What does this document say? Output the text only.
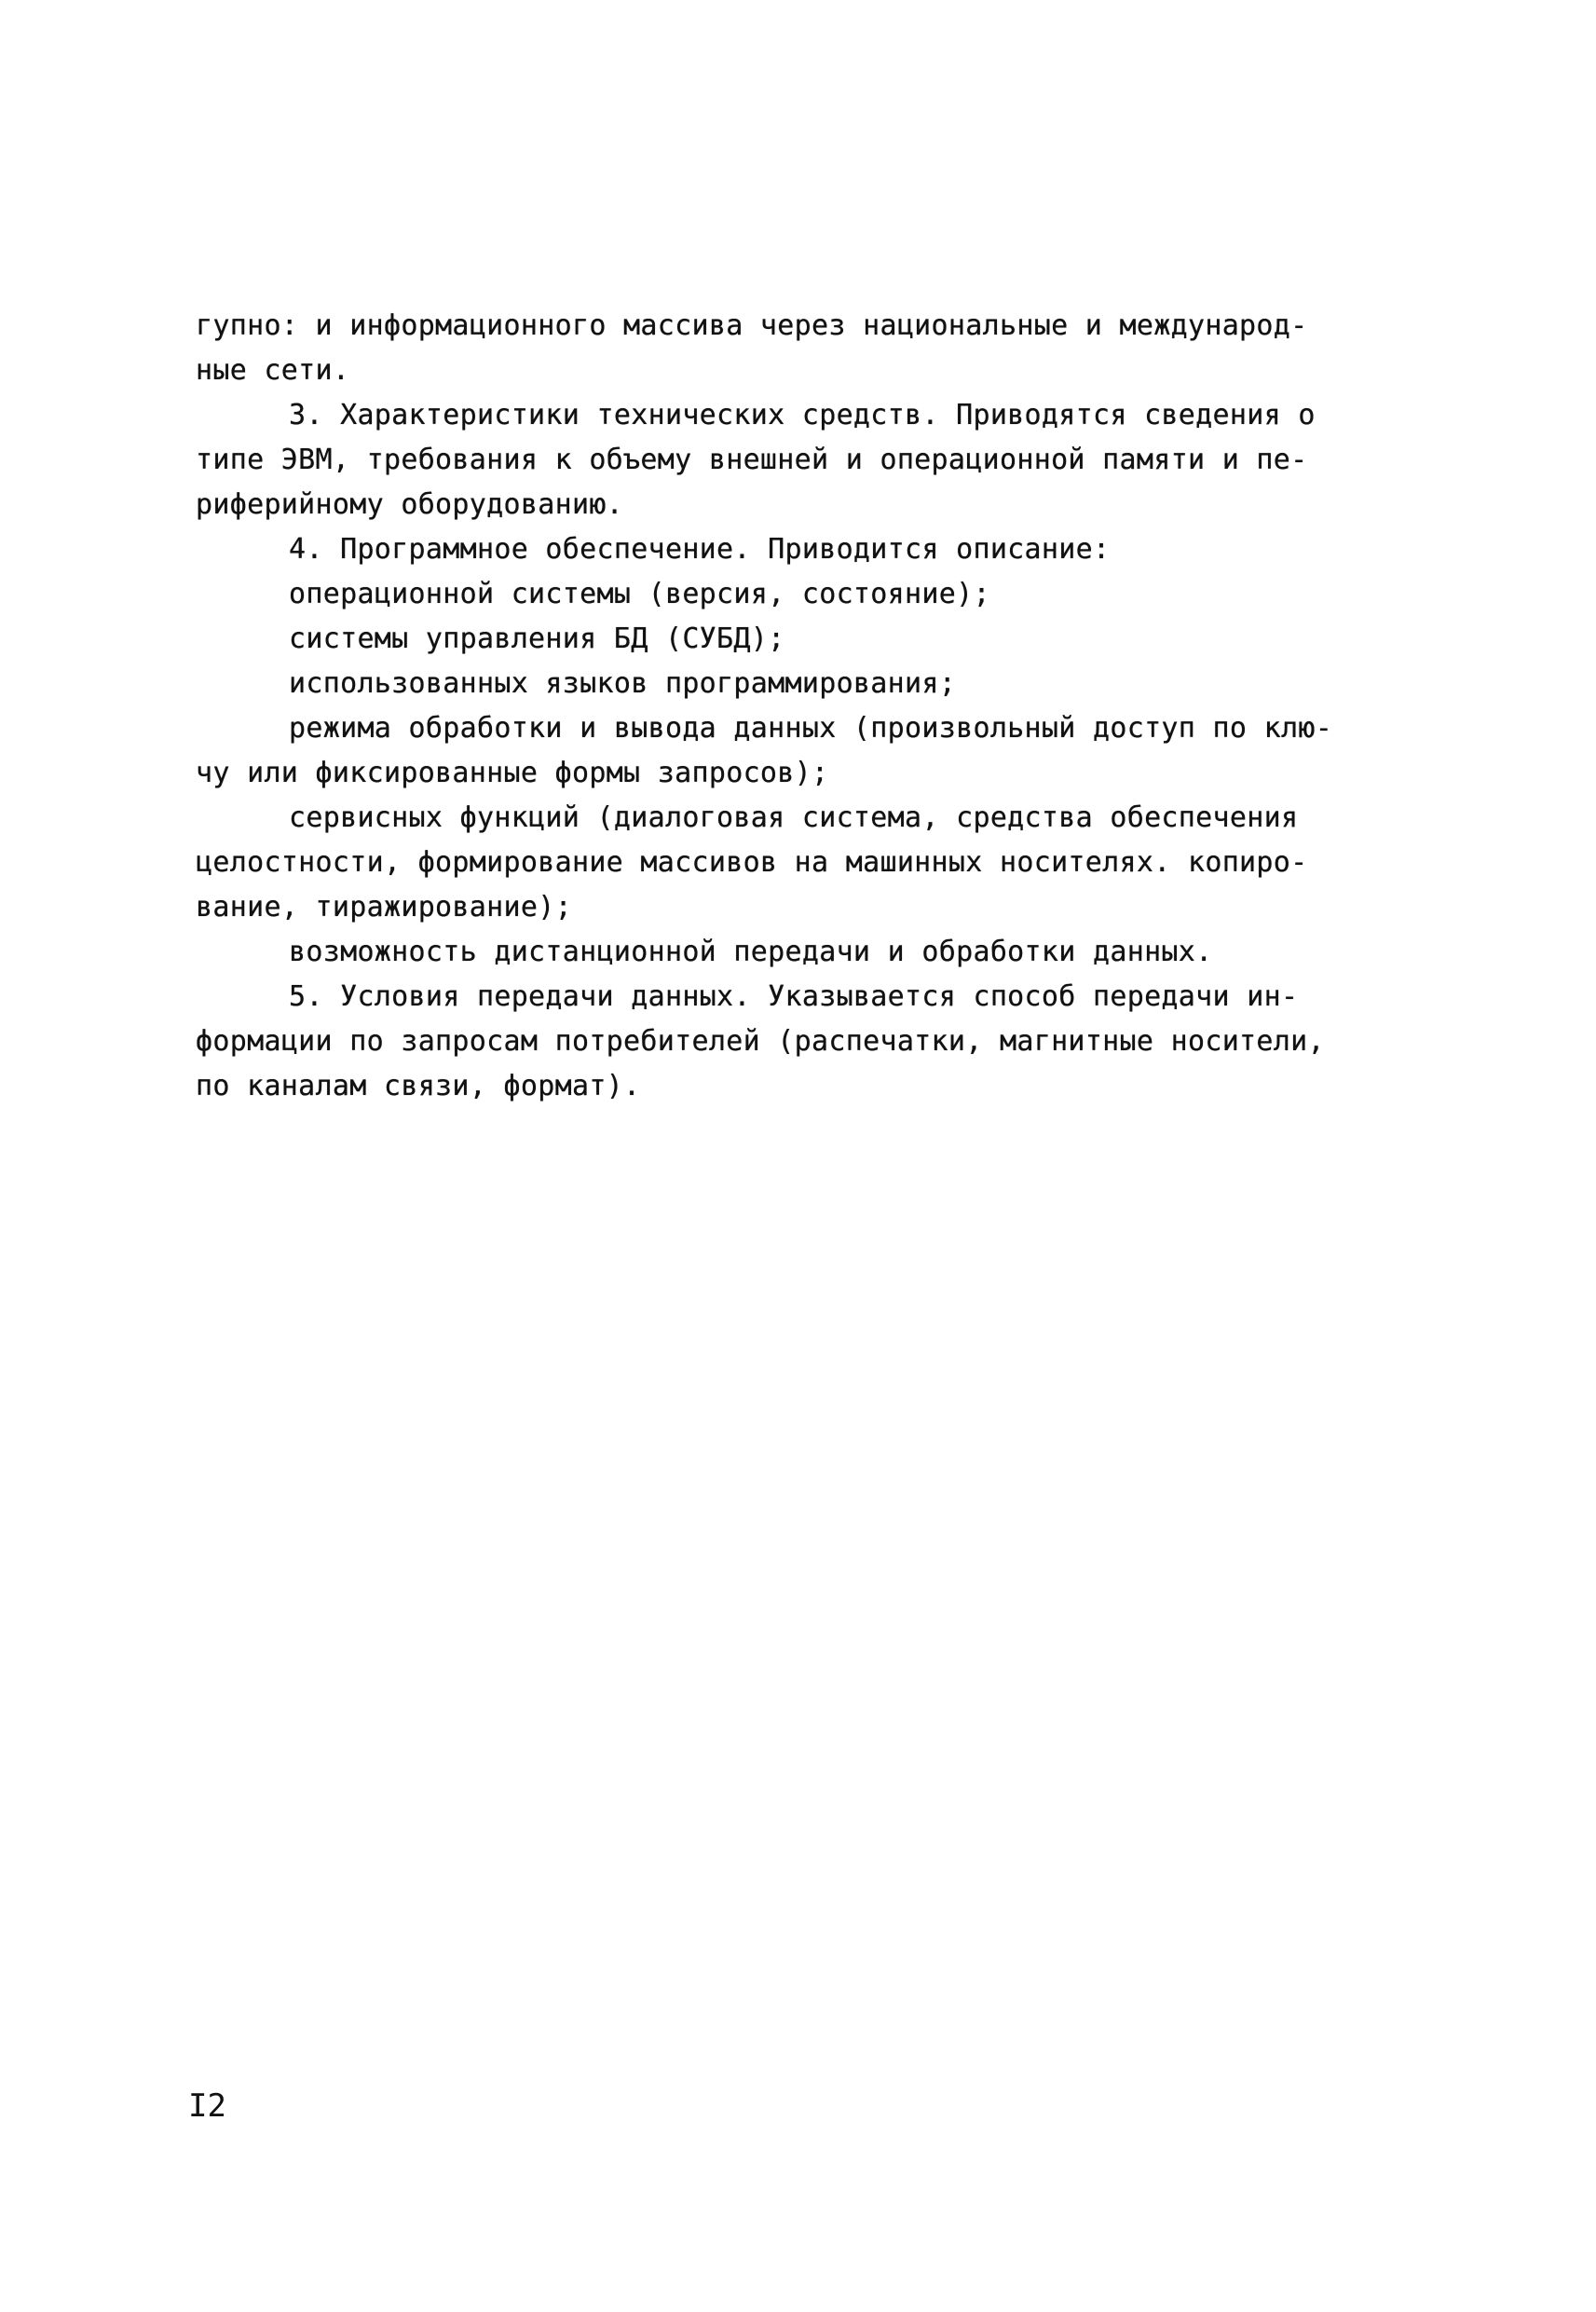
гупно: и информационного массива через национальные и международ-
ные сети.
3. Характеристики технических средств. Приводятся сведения о
типе ЭВМ, требования к объему внешней и операционной памяти и пе-
риферийному оборудованию.
4. Программное обеспечение. Приводится описание:
операционной системы (версия, состояние);
системы управления БД (СУБД);
использованных языков программирования;
режима обработки и вывода данных (произвольный доступ по клю-
чу или фиксированные формы запросов);
сервисных функций (диалоговая система, средства обеспечения
целостности, формирование массивов на машинных носителях. копиро-
вание, тиражирование);
возможность дистанционной передачи и обработки данных.
5. Условия передачи данных. Указывается способ передачи ин-
формации по запросам потребителей (распечатки, магнитные носители,
по каналам связи, формат).
I2
